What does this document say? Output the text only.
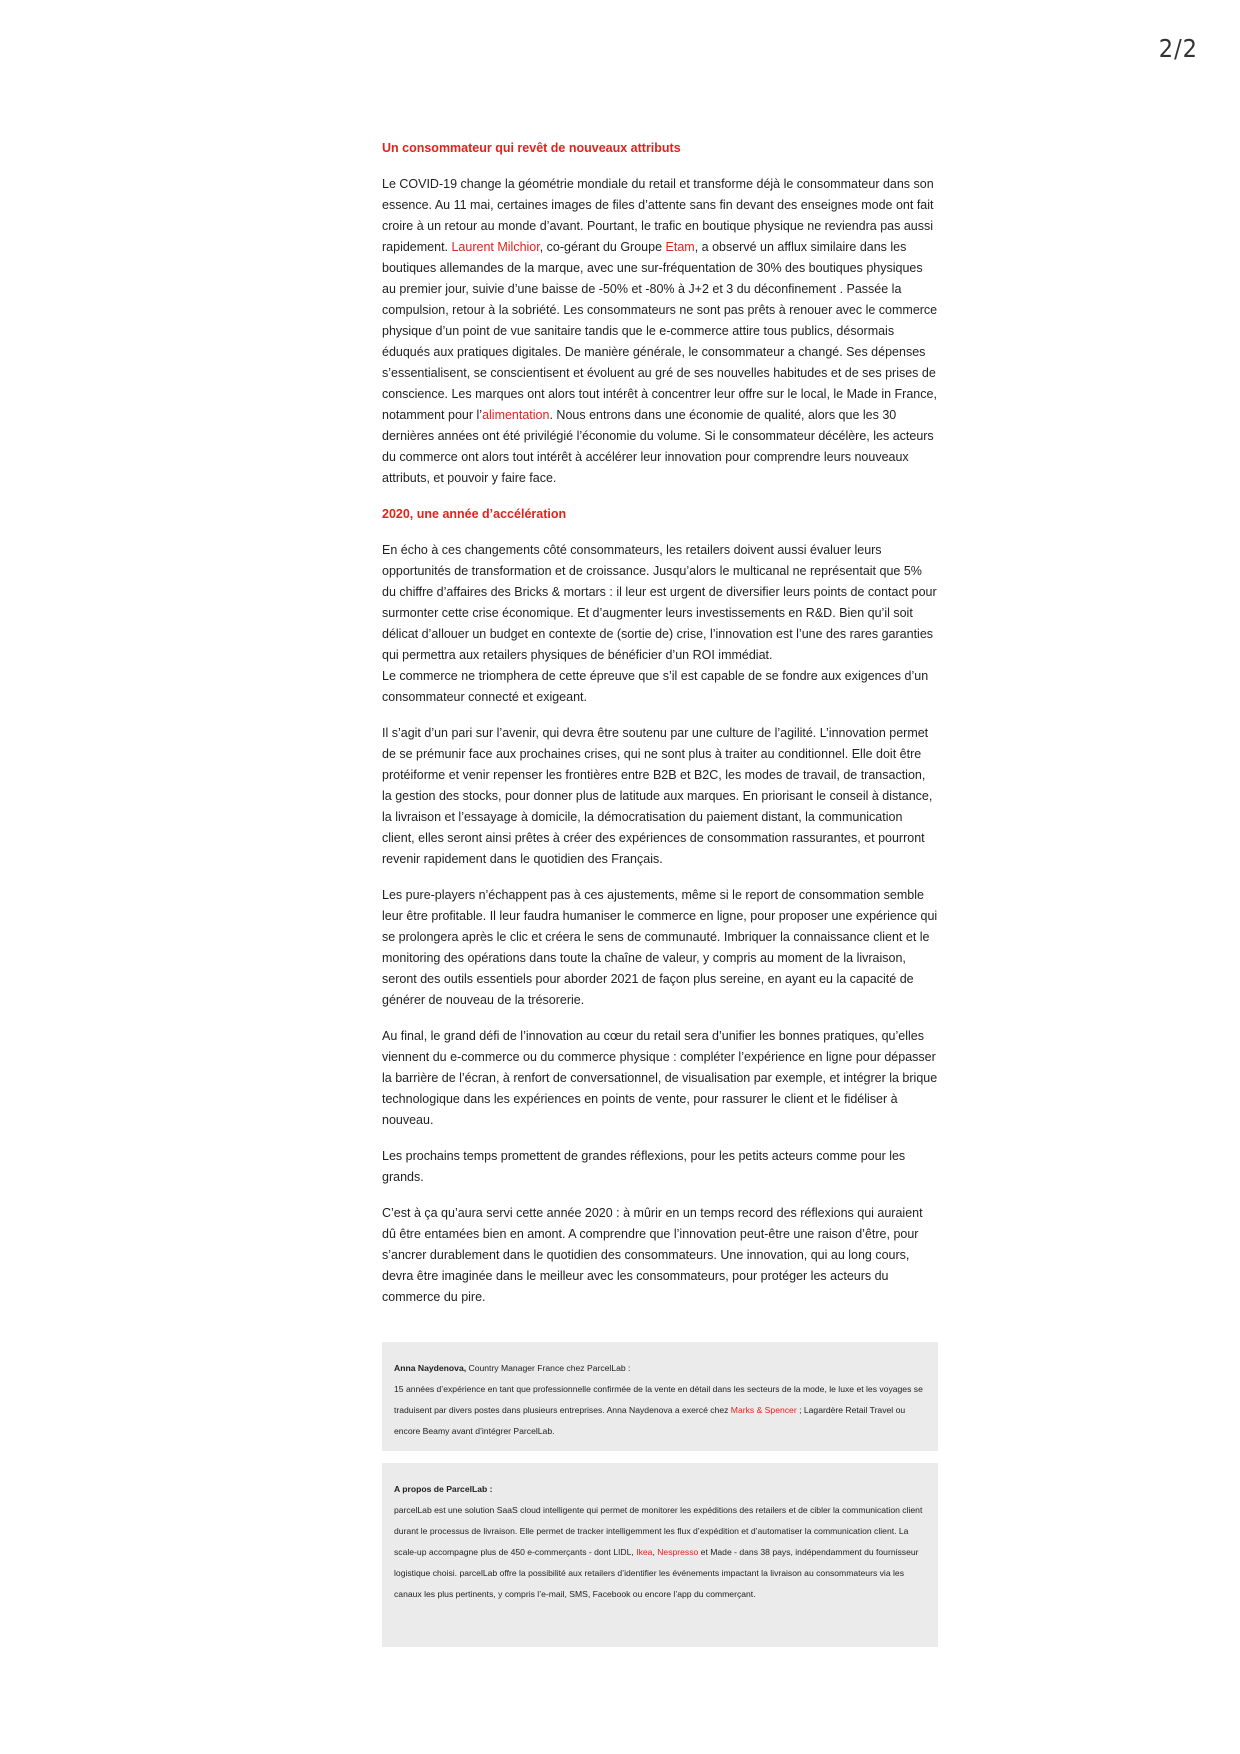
2/2
Un consommateur qui revêt de nouveaux attributs

Le COVID-19 change la géométrie mondiale du retail et transforme déjà le consommateur dans son essence. Au 11 mai, certaines images de files d’attente sans fin devant des enseignes mode ont fait croire à un retour au monde d’avant. Pourtant, le trafic en boutique physique ne reviendra pas aussi rapidement. Laurent Milchior, co-gérant du Groupe Etam, a observé un afflux similaire dans les boutiques allemandes de la marque, avec une sur-fréquentation de 30% des boutiques physiques au premier jour, suivie d’une baisse de -50% et -80% à J+2 et 3 du déconfinement . Passée la compulsion, retour à la sobriété. Les consommateurs ne sont pas prêts à renouer avec le commerce physique d’un point de vue sanitaire tandis que le e-commerce attire tous publics, désormais éduqués aux pratiques digitales. De manière générale, le consommateur a changé. Ses dépenses s’essentialisent, se conscientisent et évoluent au gré de ses nouvelles habitudes et de ses prises de conscience. Les marques ont alors tout intérêt à concentrer leur offre sur le local, le Made in France, notamment pour l’alimentation. Nous entrons dans une économie de qualité, alors que les 30 dernières années ont été privilégié l’économie du volume. Si le consommateur décélère, les acteurs du commerce ont alors tout intérêt à accélérer leur innovation pour comprendre leurs nouveaux attributs, et pouvoir y faire face.

2020, une année d’accélération

En écho à ces changements côté consommateurs, les retailers doivent aussi évaluer leurs opportunités de transformation et de croissance. Jusqu’alors le multicanal ne représentait que 5% du chiffre d’affaires des Bricks & mortars : il leur est urgent de diversifier leurs points de contact pour surmonter cette crise économique. Et d’augmenter leurs investissements en R&D. Bien qu’il soit délicat d’allouer un budget en contexte de (sortie de) crise, l’innovation est l’une des rares garanties qui permettra aux retailers physiques de bénéficier d’un ROI immédiat.
Le commerce ne triomphera de cette épreuve que s’il est capable de se fondre aux exigences d’un consommateur connecté et exigeant.

Il s’agit d’un pari sur l’avenir, qui devra être soutenu par une culture de l’agilité. L’innovation permet de se prémunir face aux prochaines crises, qui ne sont plus à traiter au conditionnel. Elle doit être protéiforme et venir repenser les frontières entre B2B et B2C, les modes de travail, de transaction, la gestion des stocks, pour donner plus de latitude aux marques. En priorisant le conseil à distance, la livraison et l’essayage à domicile, la démocratisation du paiement distant, la communication client, elles seront ainsi prêtes à créer des expériences de consommation rassurantes, et pourront revenir rapidement dans le quotidien des Français.

Les pure-players n’échappent pas à ces ajustements, même si le report de consommation semble leur être profitable. Il leur faudra humaniser le commerce en ligne, pour proposer une expérience qui se prolongera après le clic et créera le sens de communauté. Imbriquer la connaissance client et le monitoring des opérations dans toute la chaîne de valeur, y compris au moment de la livraison, seront des outils essentiels pour aborder 2021 de façon plus sereine, en ayant eu la capacité de générer de nouveau de la trésorerie.

Au final, le grand défi de l’innovation au cœur du retail sera d’unifier les bonnes pratiques, qu’elles viennent du e-commerce ou du commerce physique : compléter l’expérience en ligne pour dépasser la barrière de l’écran, à renfort de conversationnel, de visualisation par exemple, et intégrer la brique technologique dans les expériences en points de vente, pour rassurer le client et le fidéliser à nouveau.

Les prochains temps promettent de grandes réflexions, pour les petits acteurs comme pour les grands.

C’est à ça qu’aura servi cette année 2020 : à mûrir en un temps record des réflexions qui auraient dû être entamées bien en amont. A comprendre que l’innovation peut-être une raison d’être, pour s’ancrer durablement dans le quotidien des consommateurs. Une innovation, qui au long cours, devra être imaginée dans le meilleur avec les consommateurs, pour protéger les acteurs du commerce du pire.

Anna Naydenova, Country Manager France chez ParcelLab :
15 années d’expérience en tant que professionnelle confirmée de la vente en détail dans les secteurs de la mode, le luxe et les voyages se traduisent par divers postes dans plusieurs entreprises. Anna Naydenova a exercé chez Marks & Spencer ; Lagardère Retail Travel ou encore Beamy avant d’intégrer ParcelLab.
A propos de ParcelLab :
parcelLab est une solution SaaS cloud intelligente qui permet de monitorer les expéditions des retailers et de cibler la communication client durant le processus de livraison. Elle permet de tracker intelligemment les flux d’expédition et d’automatiser la communication client. La scale-up accompagne plus de 450 e-commerçants - dont LIDL, Ikea, Nespresso et Made - dans 38 pays, indépendamment du fournisseur logistique choisi. parcelLab offre la possibilité aux retailers d’identifier les événements impactant la livraison au consommateurs via les canaux les plus pertinents, y compris l’e-mail, SMS, Facebook ou encore l’app du commerçant.
